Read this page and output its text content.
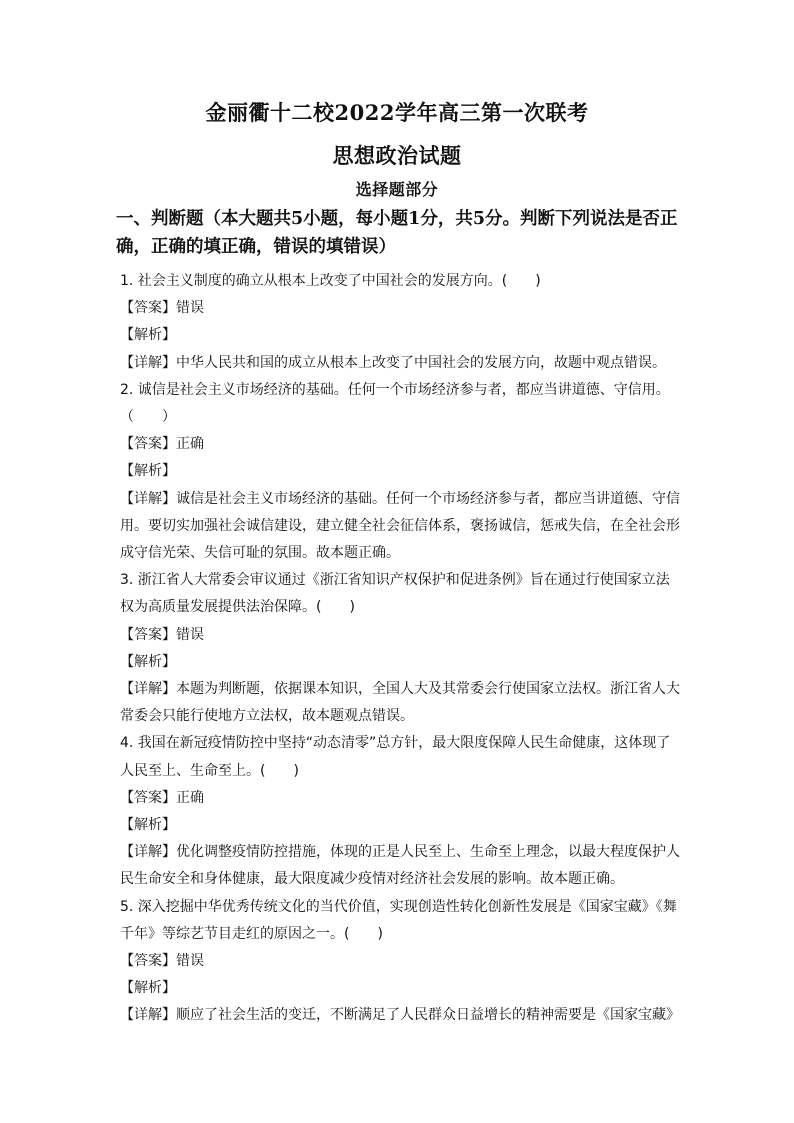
金丽衢十二校2022学年高三第一次联考
思想政治试题
选择题部分
一、判断题（本大题共5小题，每小题1分，共5分。判断下列说法是否正确，正确的填正确，错误的填错误）

1. 社会主义制度的确立从根本上改变了中国社会的发展方向。(　　)

【答案】错误

【解析】

【详解】中华人民共和国的成立从根本上改变了中国社会的发展方向，故题中观点错误。

2. 诚信是社会主义市场经济的基础。任何一个市场经济参与者，都应当讲道德、守信用。（　　）

【答案】正确

【解析】

【详解】诚信是社会主义市场经济的基础。任何一个市场经济参与者，都应当讲道德、守信用。要切实加强社会诚信建设，建立健全社会征信体系，褒扬诚信，惩戒失信，在全社会形成守信光荣、失信可耻的氛围。故本题正确。

3. 浙江省人大常委会审议通过《浙江省知识产权保护和促进条例》旨在通过行使国家立法权为高质量发展提供法治保障。(　　)

【答案】错误

【解析】

【详解】本题为判断题，依据课本知识，全国人大及其常委会行使国家立法权。浙江省人大常委会只能行使地方立法权，故本题观点错误。

4. 我国在新冠疫情防控中坚持“动态清零”总方针，最大限度保障人民生命健康，这体现了人民至上、生命至上。(　　)

【答案】正确

【解析】

【详解】优化调整疫情防控措施，体现的正是人民至上、生命至上理念，以最大程度保护人民生命安全和身体健康，最大限度减少疫情对经济社会发展的影响。故本题正确。

5. 深入挖掘中华优秀传统文化的当代价值，实现创造性转化创新性发展是《国家宝藏》《舞千年》等综艺节目走红的原因之一。(　　)

【答案】错误

【解析】

【详解】顺应了社会生活的变迁，不断满足了人民群众日益增长的精神需要是《国家宝藏》
